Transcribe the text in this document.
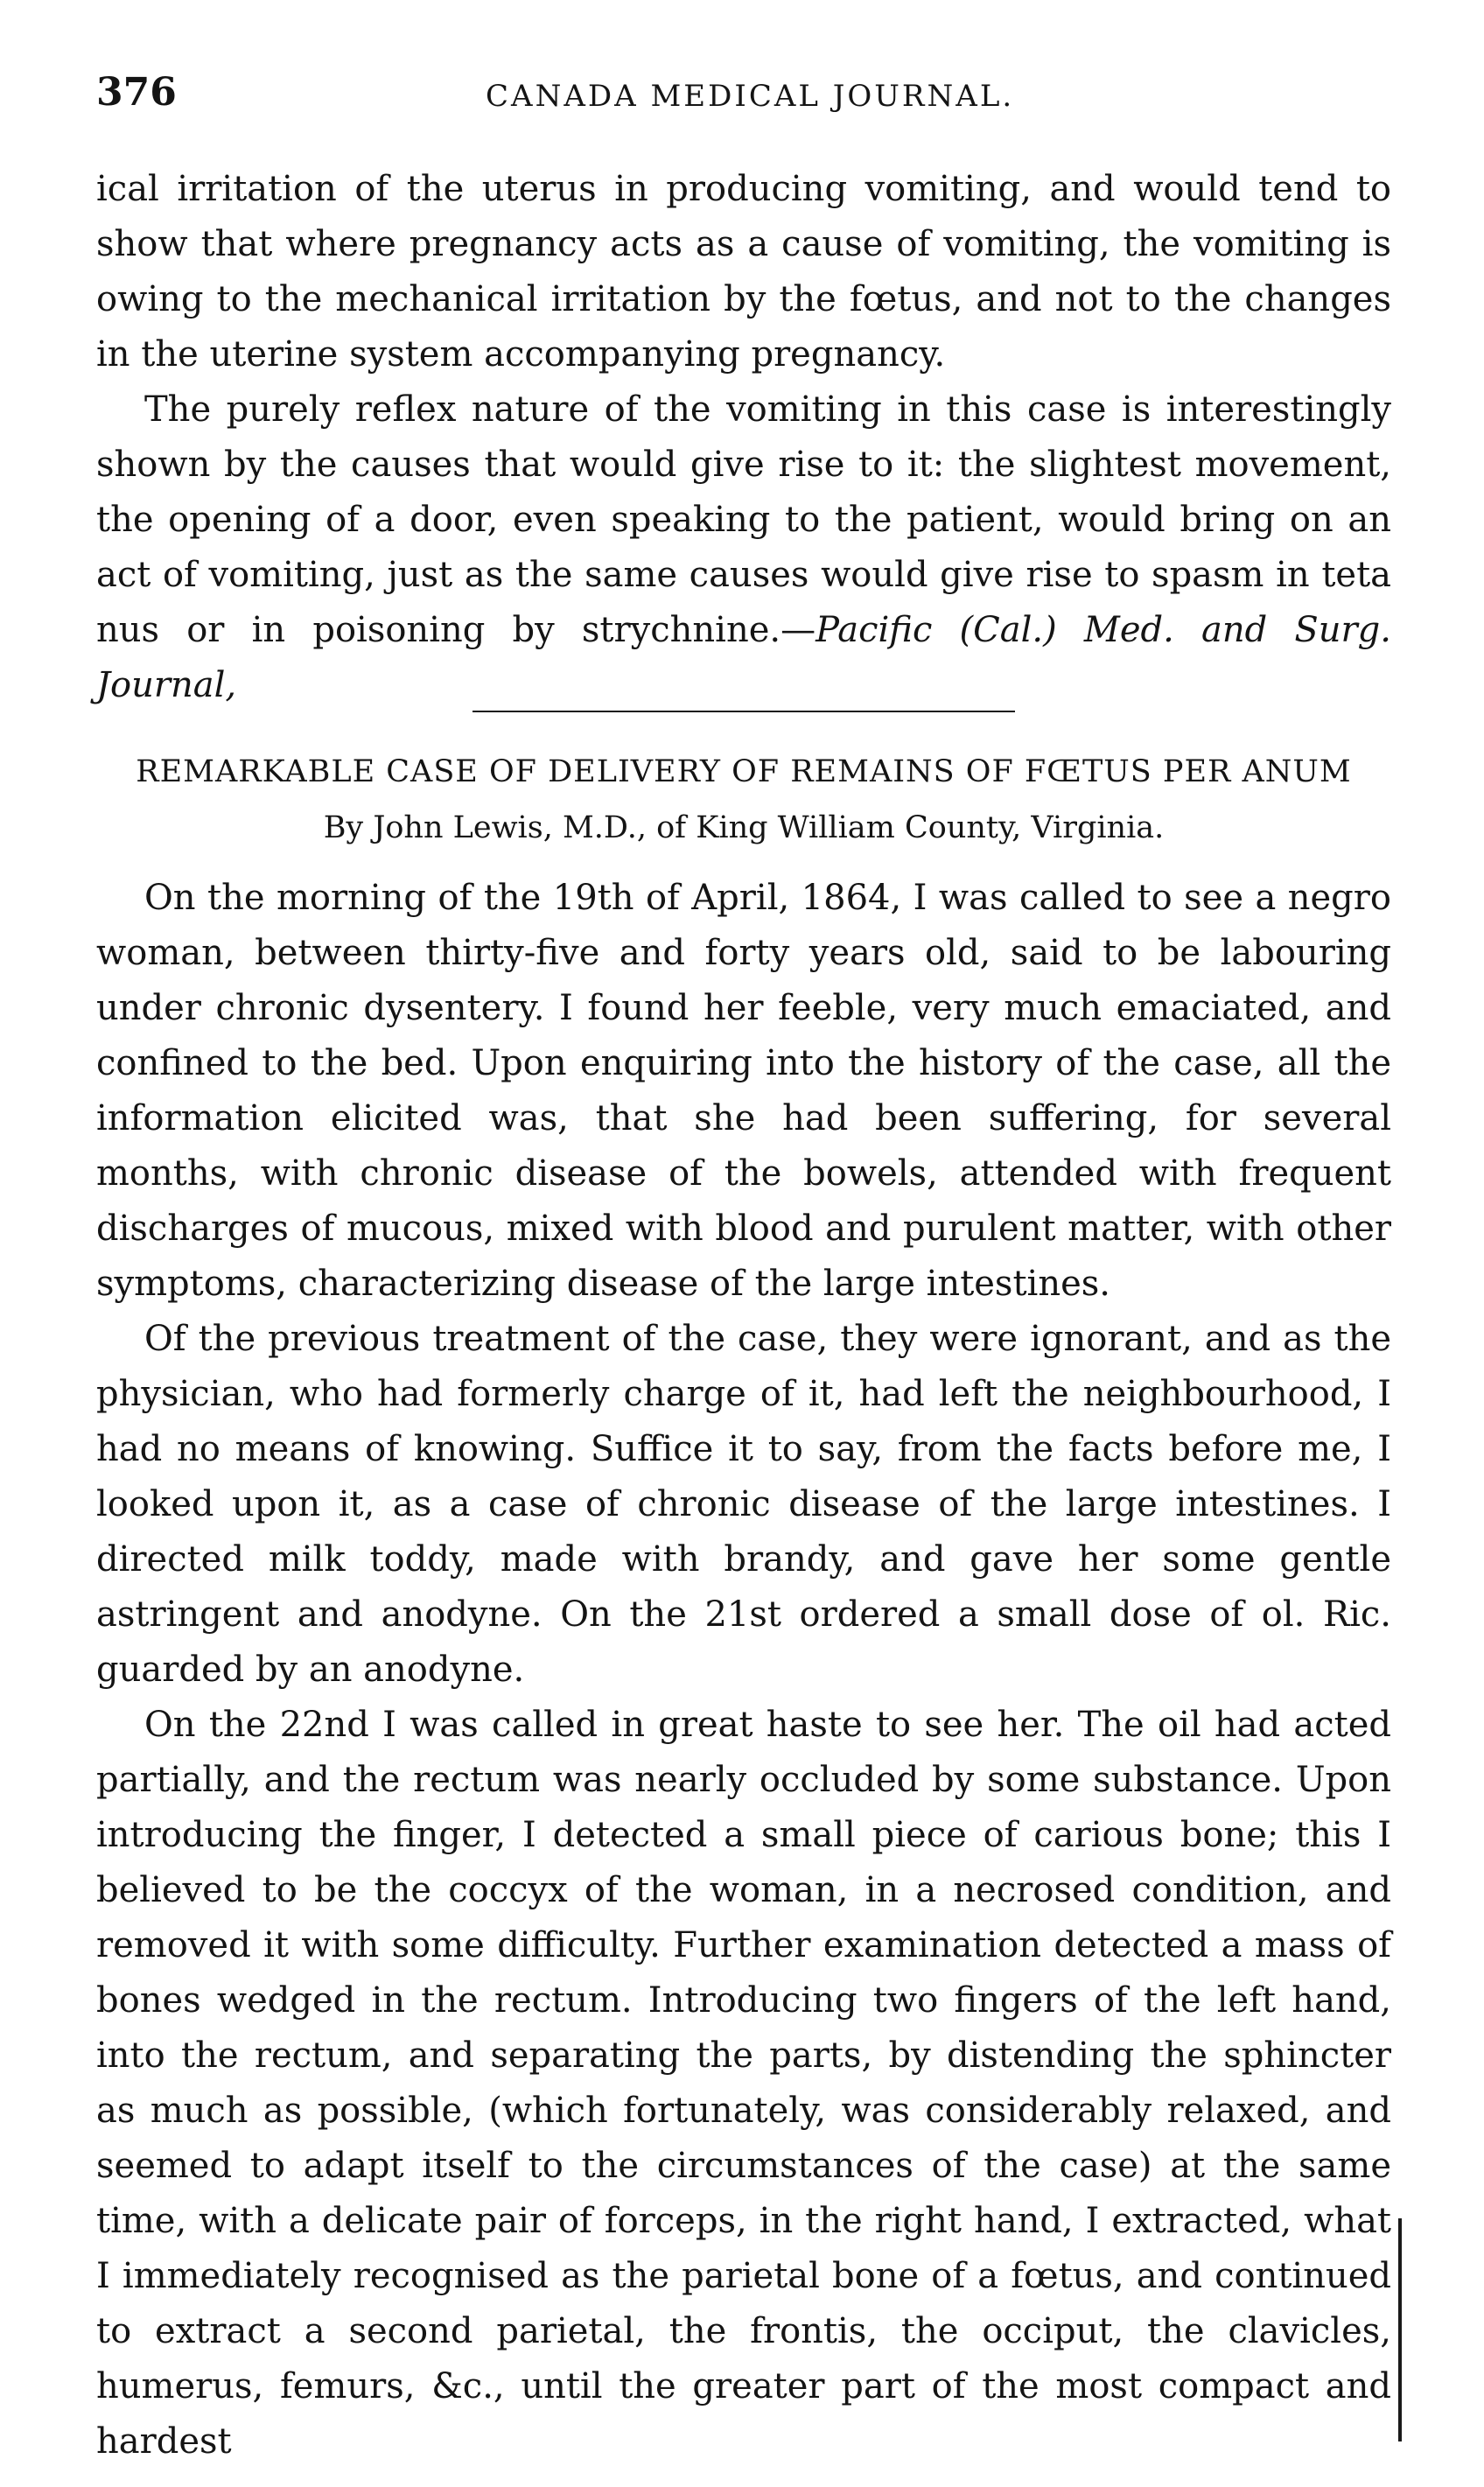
376	CANADA MEDICAL JOURNAL.

ical irritation of the uterus in producing vomiting, and would tend to show that where pregnancy acts as a cause of vomiting, the vomiting is owing to the mechanical irritation by the fœtus, and not to the changes in the uterine system accompanying pregnancy.

The purely reflex nature of the vomiting in this case is interestingly shown by the causes that would give rise to it: the slightest movement, the opening of a door, even speaking to the patient, would bring on an act of vomiting, just as the same causes would give rise to spasm in teta nus or in poisoning by strychnine.—Pacific (Cal.) Med. and Surg. Journal,

REMARKABLE CASE OF DELIVERY OF REMAINS OF FŒTUS PER ANUM
By John Lewis, M.D., of King William County, Virginia.

On the morning of the 19th of April, 1864, I was called to see a negro woman, between thirty-five and forty years old, said to be labouring under chronic dysentery. I found her feeble, very much emaciated, and confined to the bed. Upon enquiring into the history of the case, all the information elicited was, that she had been suffering, for several months, with chronic disease of the bowels, attended with frequent discharges of mucous, mixed with blood and purulent matter, with other symptoms, characterizing disease of the large intestines.

Of the previous treatment of the case, they were ignorant, and as the physician, who had formerly charge of it, had left the neighbourhood, I had no means of knowing. Suffice it to say, from the facts before me, I looked upon it, as a case of chronic disease of the large intestines. I directed milk toddy, made with brandy, and gave her some gentle astringent and anodyne. On the 21st ordered a small dose of ol. Ric. guarded by an anodyne.

On the 22nd I was called in great haste to see her. The oil had acted partially, and the rectum was nearly occluded by some substance. Upon introducing the finger, I detected a small piece of carious bone; this I believed to be the coccyx of the woman, in a necrosed condition, and removed it with some difficulty. Further examination detected a mass of bones wedged in the rectum. Introducing two fingers of the left hand, into the rectum, and separating the parts, by distending the sphincter as much as possible, (which fortunately, was considerably relaxed, and seemed to adapt itself to the circumstances of the case) at the same time, with a delicate pair of forceps, in the right hand, I extracted, what I immediately recognised as the parietal bone of a fœtus, and continued to extract a second parietal, the frontis, the occiput, the clavicles, humerus, femurs, &c., until the greater part of the most compact and hardest
